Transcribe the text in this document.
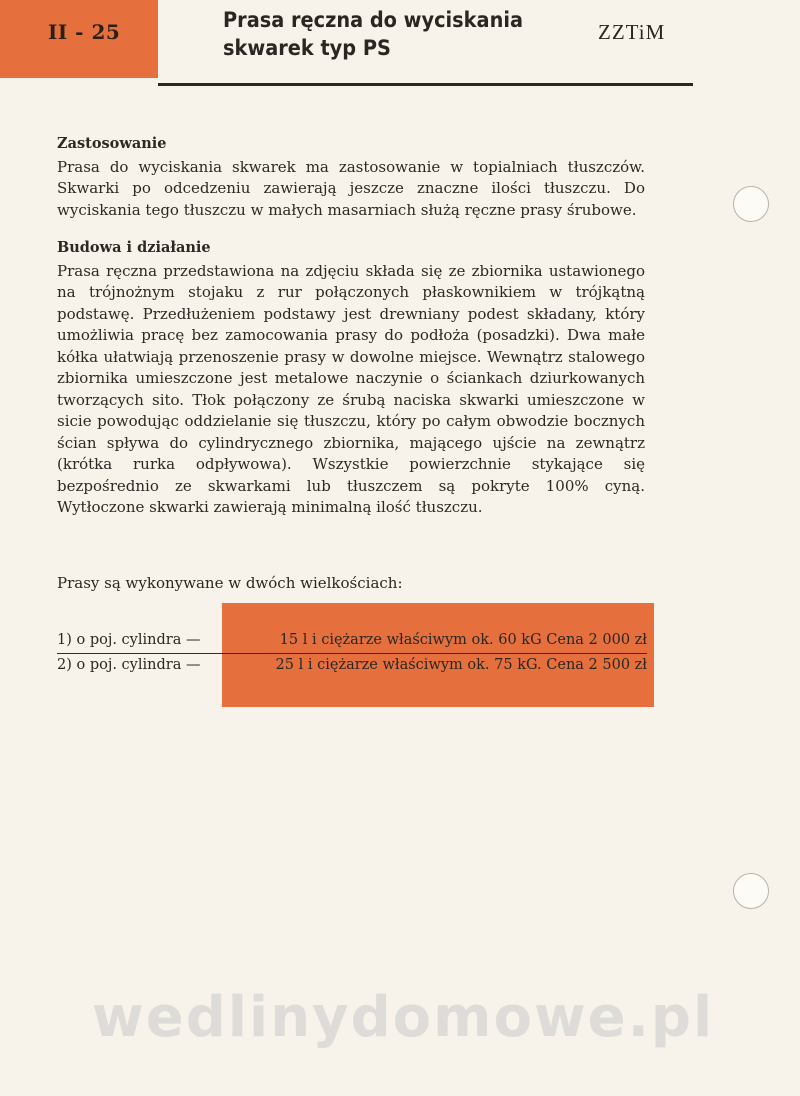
II - 25	Prasa ręczna do wyciskania
skwarek typ PS
ZZTiM

Zastosowanie

Prasa do wyciskania skwarek ma zastosowanie w topialniach tłuszczów. Skwarki po odcedzeniu zawierają jeszcze znaczne ilości tłuszczu. Do wyciskania tego tłuszczu w małych masarniach służą ręczne prasy śrubowe.

Budowa i działanie

Prasa ręczna przedstawiona na zdjęciu składa się ze zbiornika ustawionego na trójnożnym stojaku z rur połączonych płaskownikiem w trójkątną podstawę. Przedłużeniem podstawy jest drewniany podest składany, który umożliwia pracę bez zamocowania prasy do podłoża (posadzki). Dwa małe kółka ułatwiają przenoszenie prasy w dowolne miejsce. Wewnątrz stalowego zbiornika umieszczone jest metalowe naczynie o ściankach dziurkowanych tworzących sito. Tłok połączony ze śrubą naciska skwarki umieszczone w sicie powodując oddzielanie się tłuszczu, który po całym obwodzie bocznych ścian spływa do cylindrycznego zbiornika, mającego ujście na zewnątrz (krótka rurka odpływowa). Wszystkie powierzchnie stykające się bezpośrednio ze skwarkami lub tłuszczem są pokryte 100% cyną. Wytłoczone skwarki zawierają minimalną ilość tłuszczu.

Prasy są wykonywane w dwóch wielkościach:
1) o poj. cylindra —	15 l i ciężarze właściwym ok. 60 kG Cena 2 000 zł
2) o poj. cylindra —	25 l i ciężarze właściwym ok. 75 kG. Cena 2 500 zł
wedlinydomowe.pl
